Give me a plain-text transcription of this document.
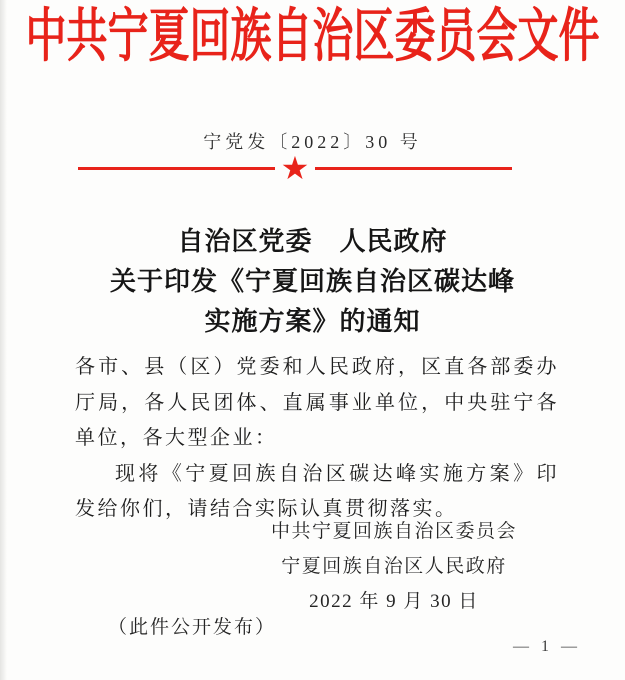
中共宁夏回族自治区委员会文件
宁党发〔2022〕30 号
★
自治区党委　人民政府
关于印发《宁夏回族自治区碳达峰
实施方案》的通知

各市、县（区）党委和人民政府，区直各部委办厅局，各人民团体、直属事业单位，中央驻宁各单位，各大型企业：

现将《宁夏回族自治区碳达峰实施方案》印发给你们，请结合实际认真贯彻落实。

中共宁夏回族自治区委员会
宁夏回族自治区人民政府
2022 年 9 月 30 日
（此件公开发布）
— 1 —
